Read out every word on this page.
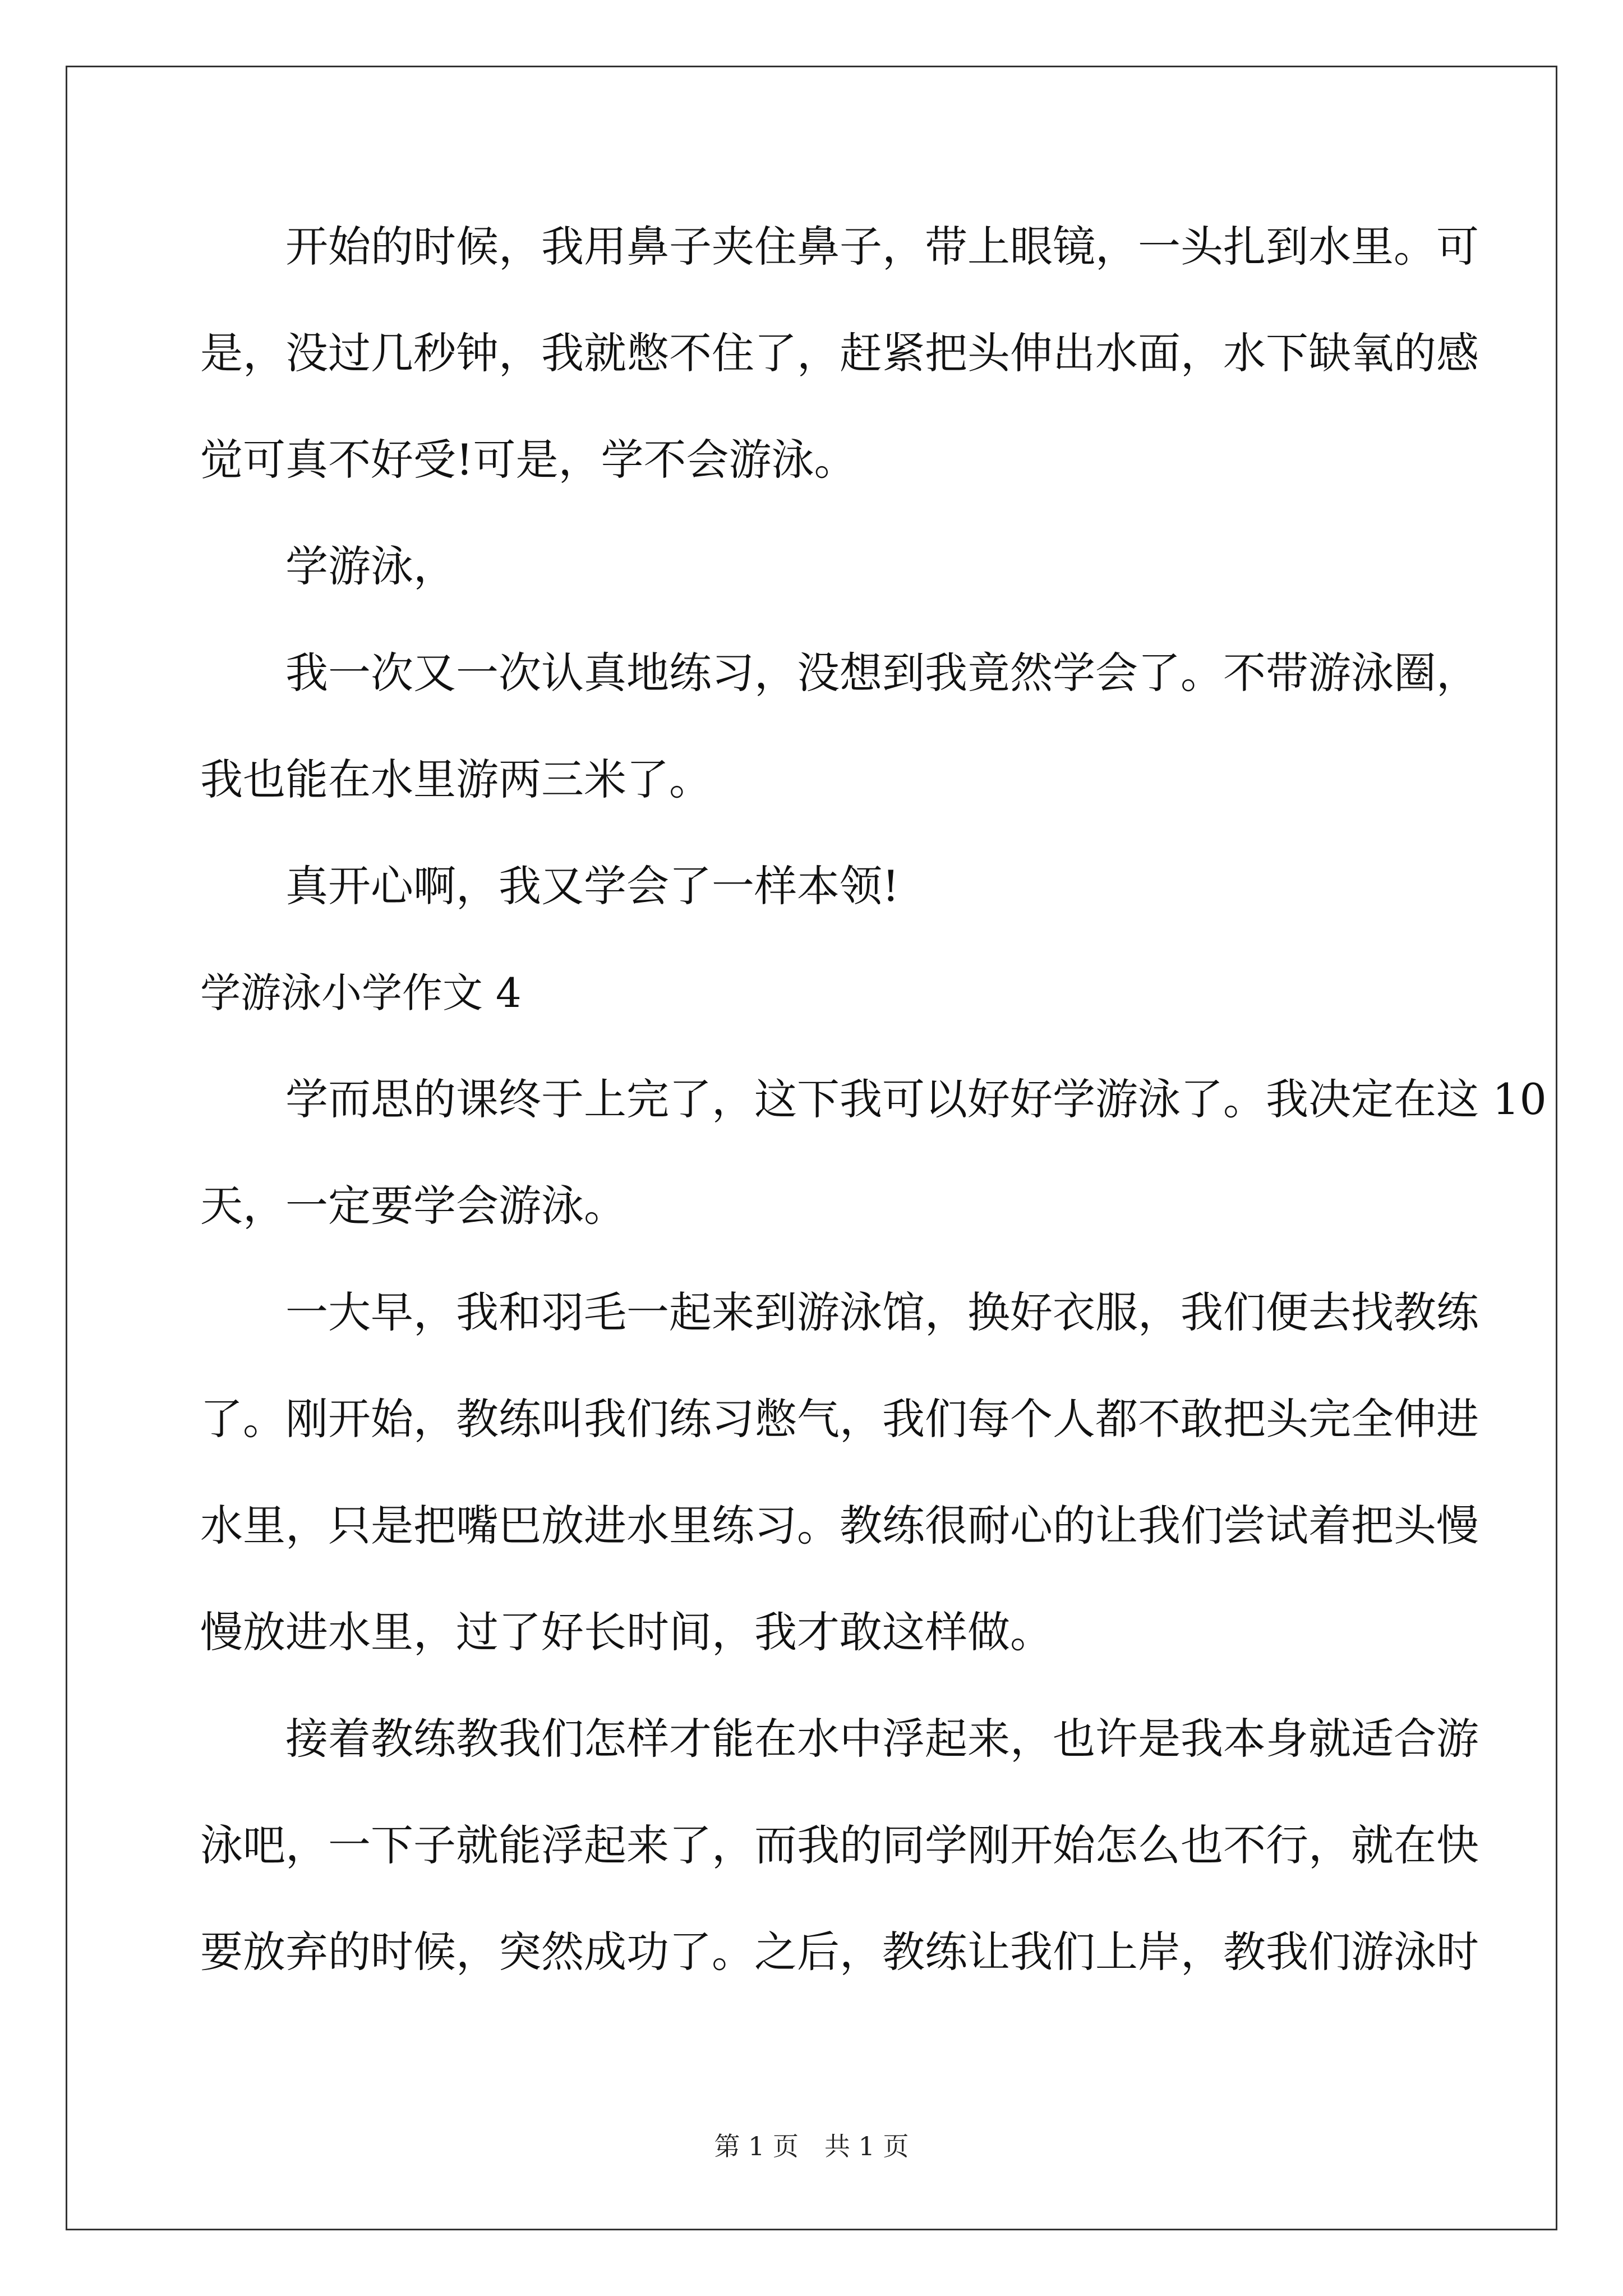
　　开始的时候，我用鼻子夹住鼻子，带上眼镜，一头扎到水里。可
是，没过几秒钟，我就憋不住了，赶紧把头伸出水面，水下缺氧的感
觉可真不好受!可是，学不会游泳。
　　学游泳，
　　我一次又一次认真地练习，没想到我竟然学会了。不带游泳圈，
我也能在水里游两三米了。
　　真开心啊，我又学会了一样本领!
学游泳小学作文 4
　　学而思的课终于上完了，这下我可以好好学游泳了。我决定在这 10
天，一定要学会游泳。
　　一大早，我和羽毛一起来到游泳馆，换好衣服，我们便去找教练
了。刚开始，教练叫我们练习憋气，我们每个人都不敢把头完全伸进
水里，只是把嘴巴放进水里练习。教练很耐心的让我们尝试着把头慢
慢放进水里，过了好长时间，我才敢这样做。
　　接着教练教我们怎样才能在水中浮起来，也许是我本身就适合游
泳吧，一下子就能浮起来了，而我的同学刚开始怎么也不行，就在快
要放弃的时候，突然成功了。之后，教练让我们上岸，教我们游泳时
第 1 页　共 1 页
